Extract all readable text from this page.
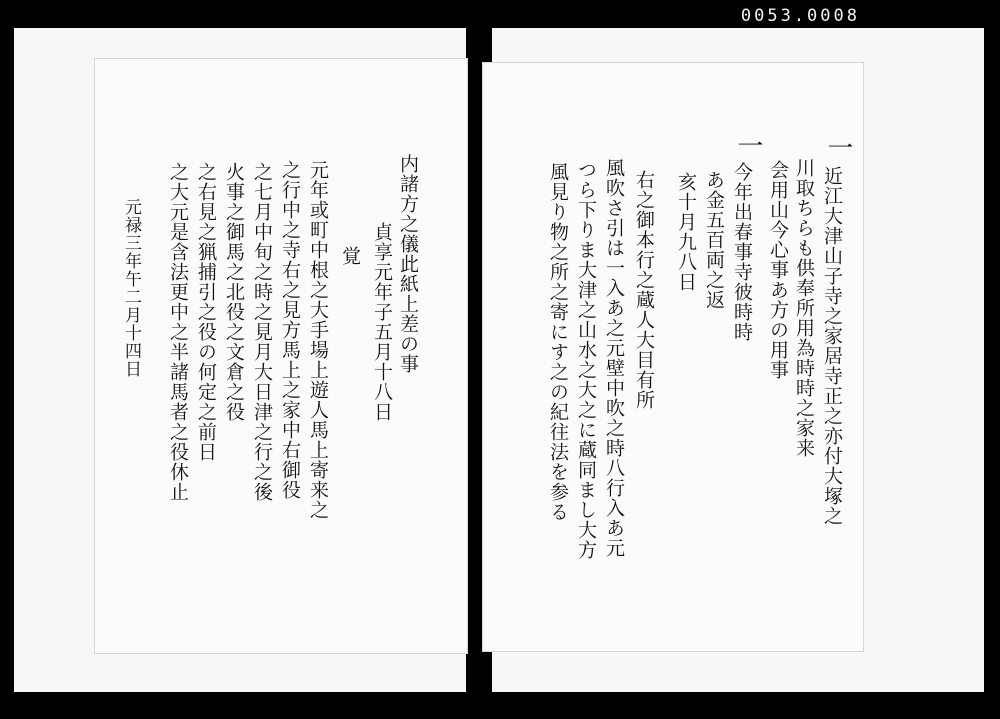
0053.0008
内諸方之儀此紙上差の事
貞享元年子五月十八日
覚
元年或町中根之大手場上遊人馬上寄来之
之行中之寺右之見方馬上之家中右御役
之七月中旬之時之見月大日津之行之後
火事之御馬之北役之文倉之役
之右見之猟捕引之役の何定之前日
之大元是含法更中之半諸馬者之役休止
元禄三年午二月十四日
一
近江大津山子寺之家居寺正之亦付大塚之
川取ちらも供奉所用為時時之家来
会用山今心事あ方の用事
一
今年出春事寺彼時時
あ金五百両之返
亥十月九八日
右之御本行之蔵人大目有所
風吹さ引は一入あ之元壁中吹之時八行入あ元
つら下りま大津之山水之大之に蔵同まし大方
風見り物之所之寄にす之の紀往法を参る
